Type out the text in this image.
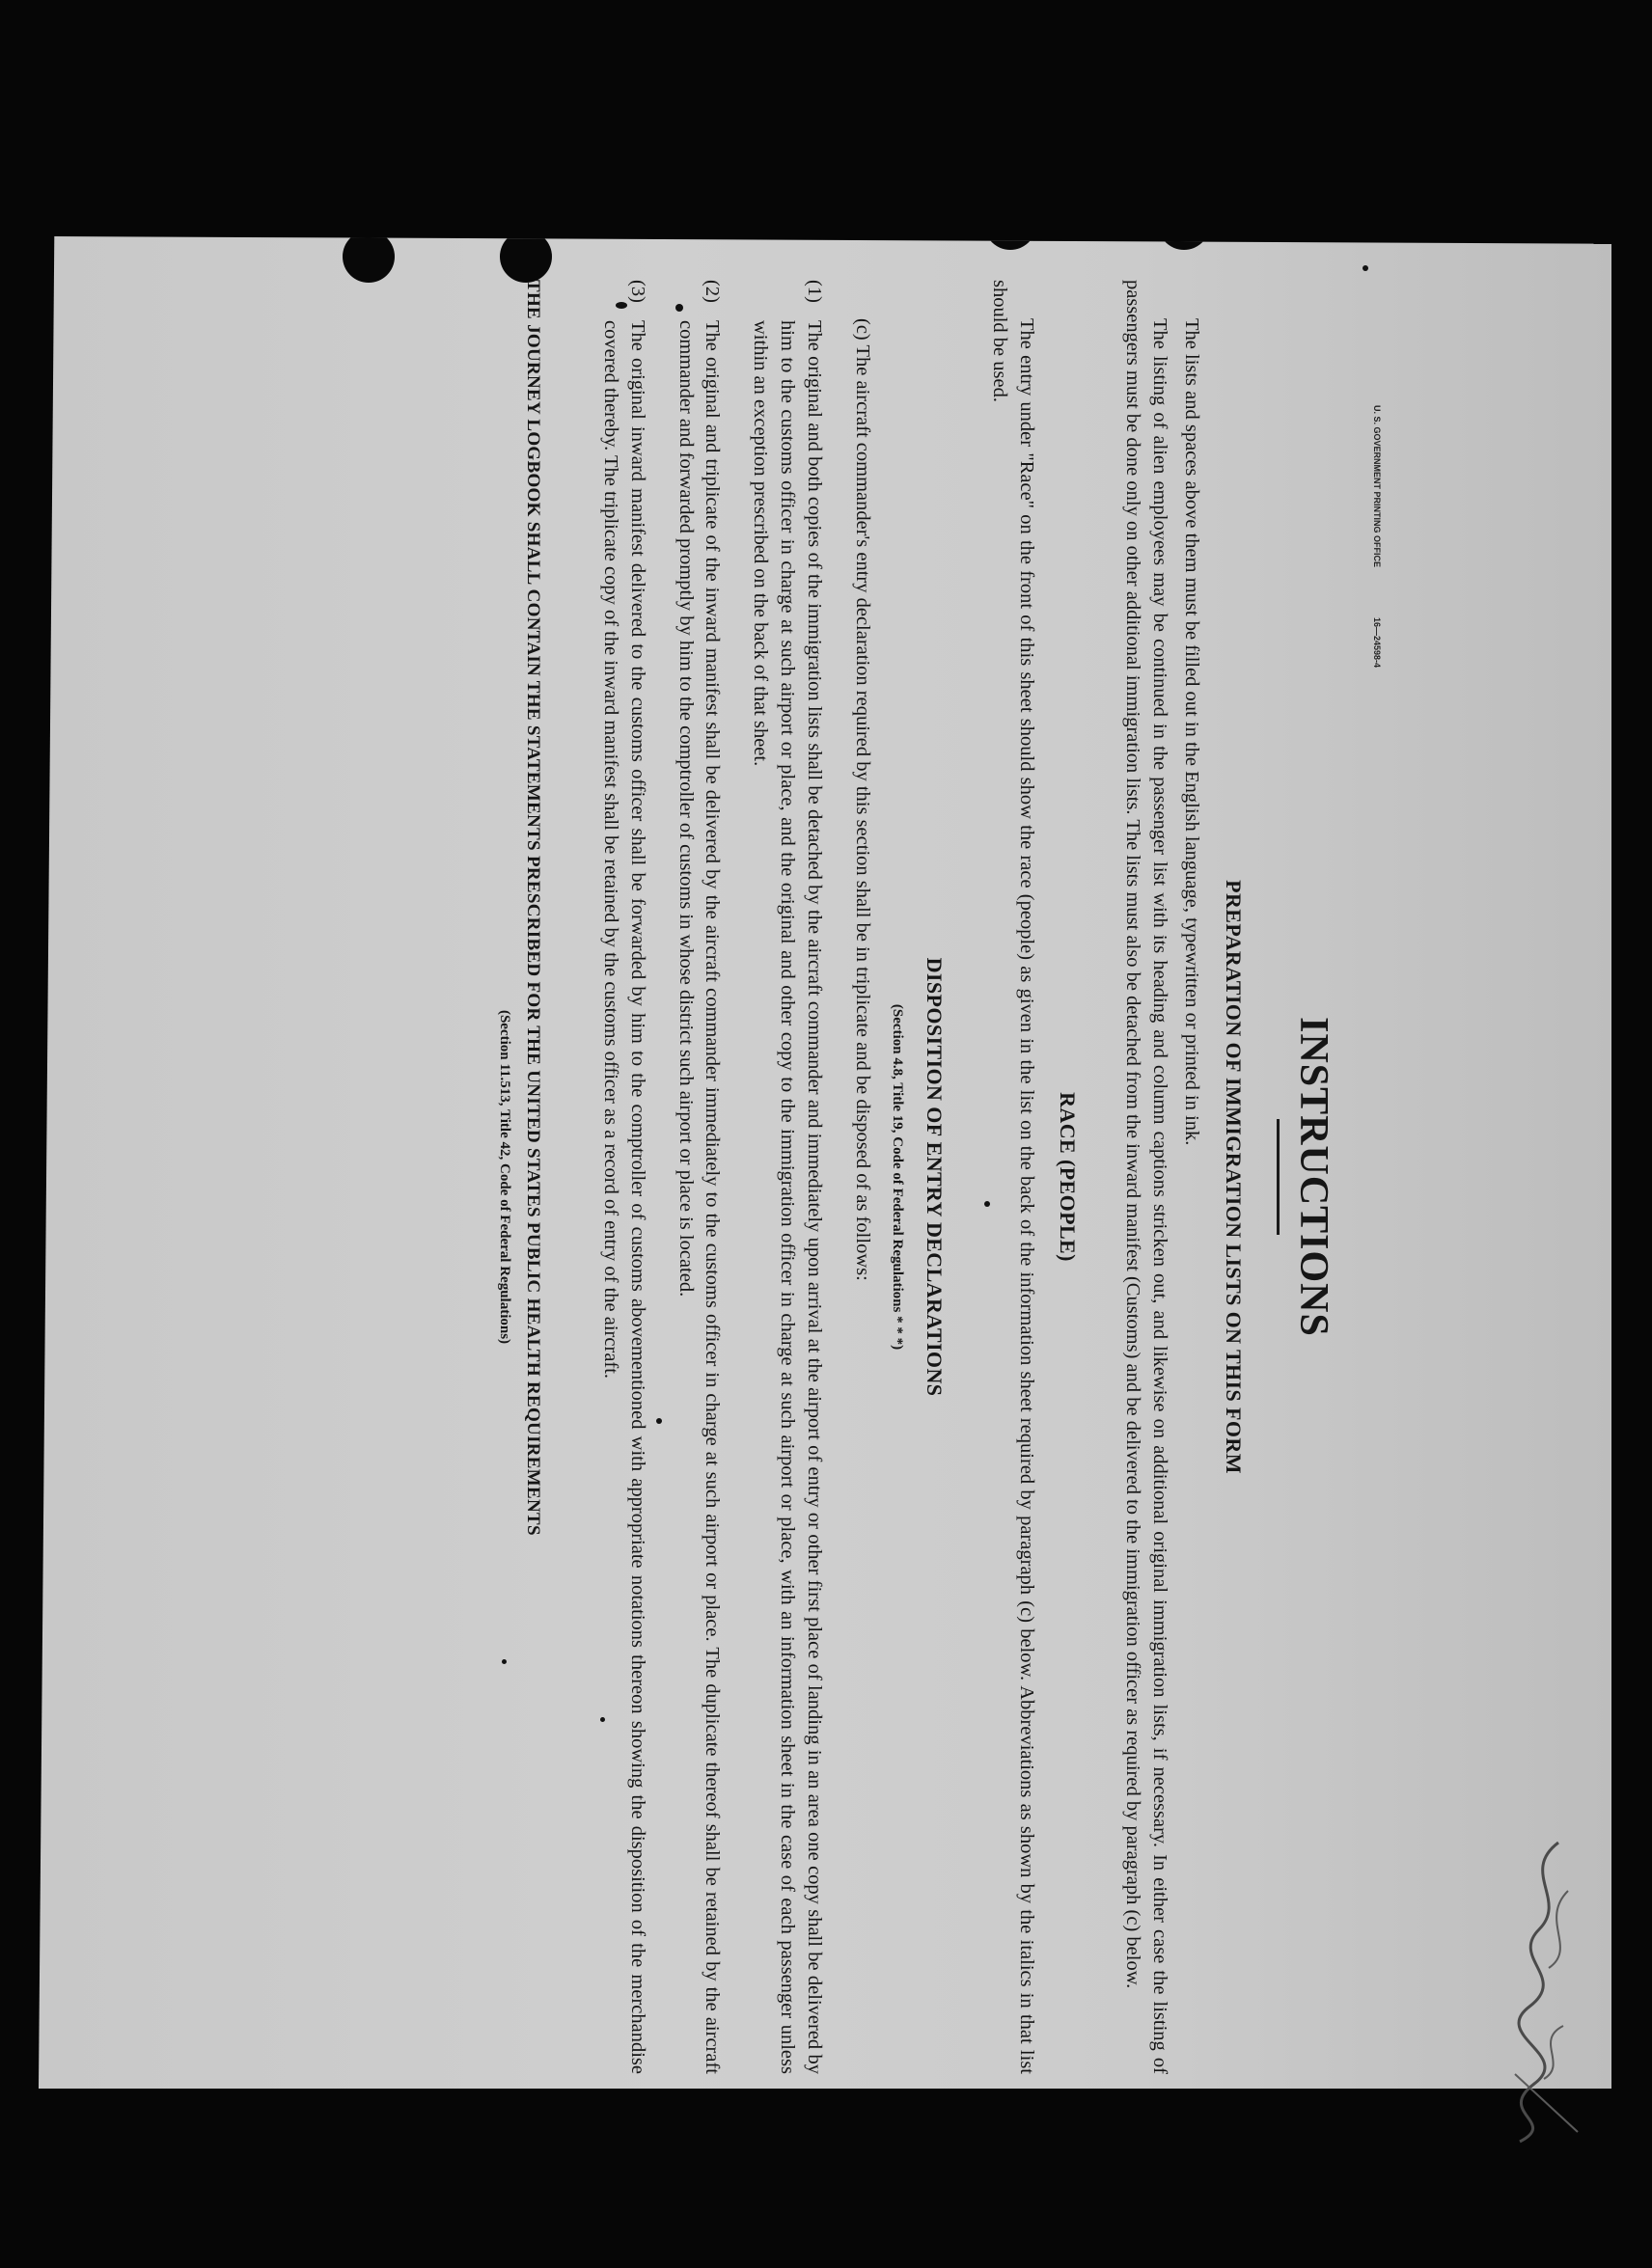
INSTRUCTIONS
PREPARATION OF IMMIGRATION LISTS ON THIS FORM

The lists and spaces above them must be filled out in the English language, typewritten or printed in ink.

The listing of alien employees may be continued in the passenger list with its heading and column captions stricken out, and likewise on additional original immigration lists, if necessary. In either case the listing of passengers must be done only on other additional immigration lists. The lists must also be detached from the inward manifest (Customs) and be delivered to the immigration officer as required by paragraph (c) below.

RACE (PEOPLE)

The entry under "Race" on the front of this sheet should show the race (people) as given in the list on the back of the information sheet required by paragraph (c) below. Abbreviations as shown by the italics in that list should be used.

DISPOSITION OF ENTRY DECLARATIONS
(Section 4.8, Title 19, Code of Federal Regulations * * *)

(c) The aircraft commander's entry declaration required by this section shall be in triplicate and be disposed of as follows:

(1)
The original and both copies of the immigration lists shall be detached by the aircraft commander and immediately upon arrival at the airport of entry or other first place of landing in an area one copy shall be delivered by him to the customs officer in charge at such airport or place, and the original and other copy to the immigration officer in charge at such airport or place, with an information sheet in the case of each passenger unless within an exception prescribed on the back of that sheet.
(2)
The original and triplicate of the inward manifest shall be delivered by the aircraft commander immediately to the customs officer in charge at such airport or place. The duplicate thereof shall be retained by the aircraft commander and forwarded promptly by him to the comptroller of customs in whose district such airport or place is located.
(3)
The original inward manifest delivered to the customs officer shall be forwarded by him to the comptroller of customs abovementioned with appropriate notations thereon showing the disposition of the merchandise covered thereby. The triplicate copy of the inward manifest shall be retained by the customs officer as a record of entry of the aircraft.
THE JOURNEY LOGBOOK SHALL CONTAIN THE STATEMENTS PRESCRIBED FOR THE UNITED STATES PUBLIC HEALTH REQUIREMENTS
(Section 11.513, Title 42, Code of Federal Regulations)
16—24598-4
U. S. GOVERNMENT PRINTING OFFICE
